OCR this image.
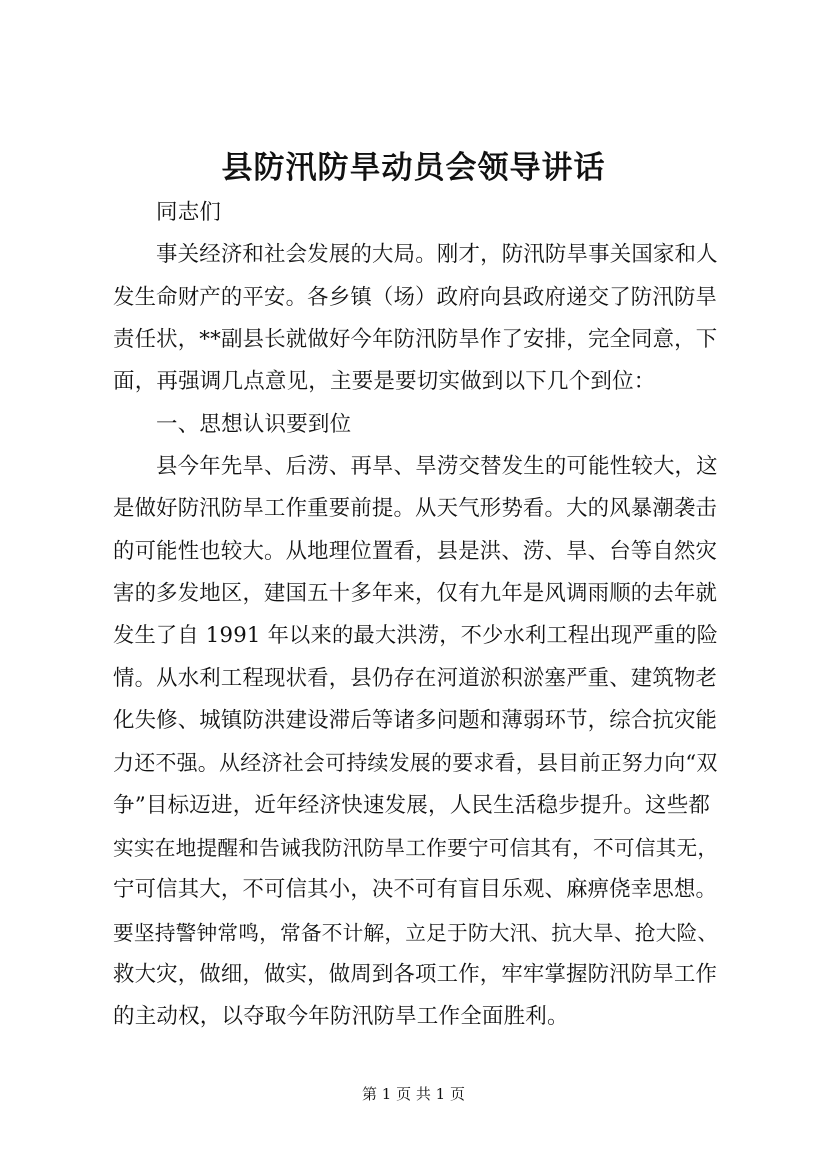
县防汛防旱动员会领导讲话
同志们
事关经济和社会发展的大局。刚才，防汛防旱事关国家和人
发生命财产的平安。各乡镇（场）政府向县政府递交了防汛防旱
责任状，**副县长就做好今年防汛防旱作了安排，完全同意，下
面，再强调几点意见，主要是要切实做到以下几个到位：
一、思想认识要到位
县今年先旱、后涝、再旱、旱涝交替发生的可能性较大，这
是做好防汛防旱工作重要前提。从天气形势看。大的风暴潮袭击
的可能性也较大。从地理位置看，县是洪、涝、旱、台等自然灾
害的多发地区，建国五十多年来，仅有九年是风调雨顺的去年就
发生了自 1991 年以来的最大洪涝，不少水利工程出现严重的险
情。从水利工程现状看，县仍存在河道淤积淤塞严重、建筑物老
化失修、城镇防洪建设滞后等诸多问题和薄弱环节，综合抗灾能
力还不强。从经济社会可持续发展的要求看，县目前正努力向“双
争”目标迈进，近年经济快速发展，人民生活稳步提升。这些都
实实在地提醒和告诫我防汛防旱工作要宁可信其有，不可信其无，
宁可信其大，不可信其小，决不可有盲目乐观、麻痹侥幸思想。
要坚持警钟常鸣，常备不计解，立足于防大汛、抗大旱、抢大险、
救大灾，做细，做实，做周到各项工作，牢牢掌握防汛防旱工作
的主动权，以夺取今年防汛防旱工作全面胜利。
第 1 页 共 1 页
